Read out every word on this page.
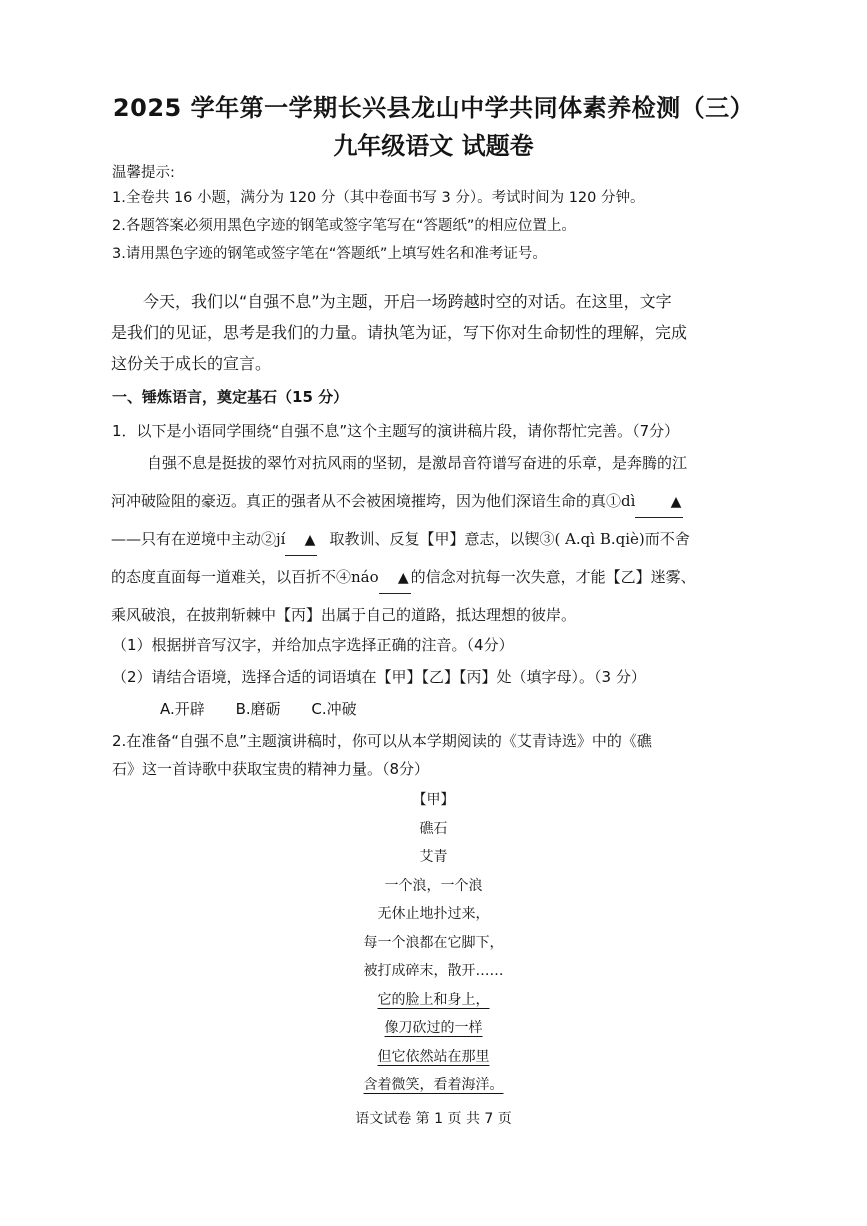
2025 学年第一学期长兴县龙山中学共同体素养检测（三）
九年级语文 试题卷
温馨提示:
1.全卷共 16 小题，满分为 120 分（其中卷面书写 3 分）。考试时间为 120 分钟。
2.各题答案必须用黑色字迹的钢笔或签字笔写在“答题纸”的相应位置上。
3.请用黑色字迹的钢笔或签字笔在“答题纸”上填写姓名和准考证号。
今天，我们以“自强不息”为主题，开启一场跨越时空的对话。在这里，文字
是我们的见证，思考是我们的力量。请执笔为证，写下你对生命韧性的理解，完成
这份关于成长的宣言。
一、锤炼语言，奠定基石（15 分）
1．以下是小语同学围绕“自强不息”这个主题写的演讲稿片段，请你帮忙完善。（7分）
自强不息是挺拔的翠竹对抗风雨的坚韧，是激昂音符谱写奋进的乐章，是奔腾的江
河冲破险阻的豪迈。真正的强者从不会被困境摧垮，因为他们深谙生命的真①dì	▲
——只有在逆境中主动②jí ▲ 取教训、反复【甲】意志，以锲③( A.qì B.qiè)而不舍
的态度直面每一道难关，以百折不④náo ▲ 的信念对抗每一次失意，才能【乙】迷雾、
乘风破浪，在披荆斩棘中【丙】出属于自己的道路，抵达理想的彼岸。
（1）根据拼音写汉字，并给加点字选择正确的注音。（4分）
（2）请结合语境，选择合适的词语填在【甲】【乙】【丙】处（填字母）。（3 分）
A.开辟 B.磨砺 C.冲破
2.在准备“自强不息”主题演讲稿时，你可以从本学期阅读的《艾青诗选》中的《礁
石》这一首诗歌中获取宝贵的精神力量。（8分）
【甲】
礁石
艾青
一个浪，一个浪
无休止地扑过来，
每一个浪都在它脚下，
被打成碎末，散开……
它的脸上和身上，
像刀砍过的一样
但它依然站在那里
含着微笑，看着海洋。
语文试卷 第 1 页 共 7 页
